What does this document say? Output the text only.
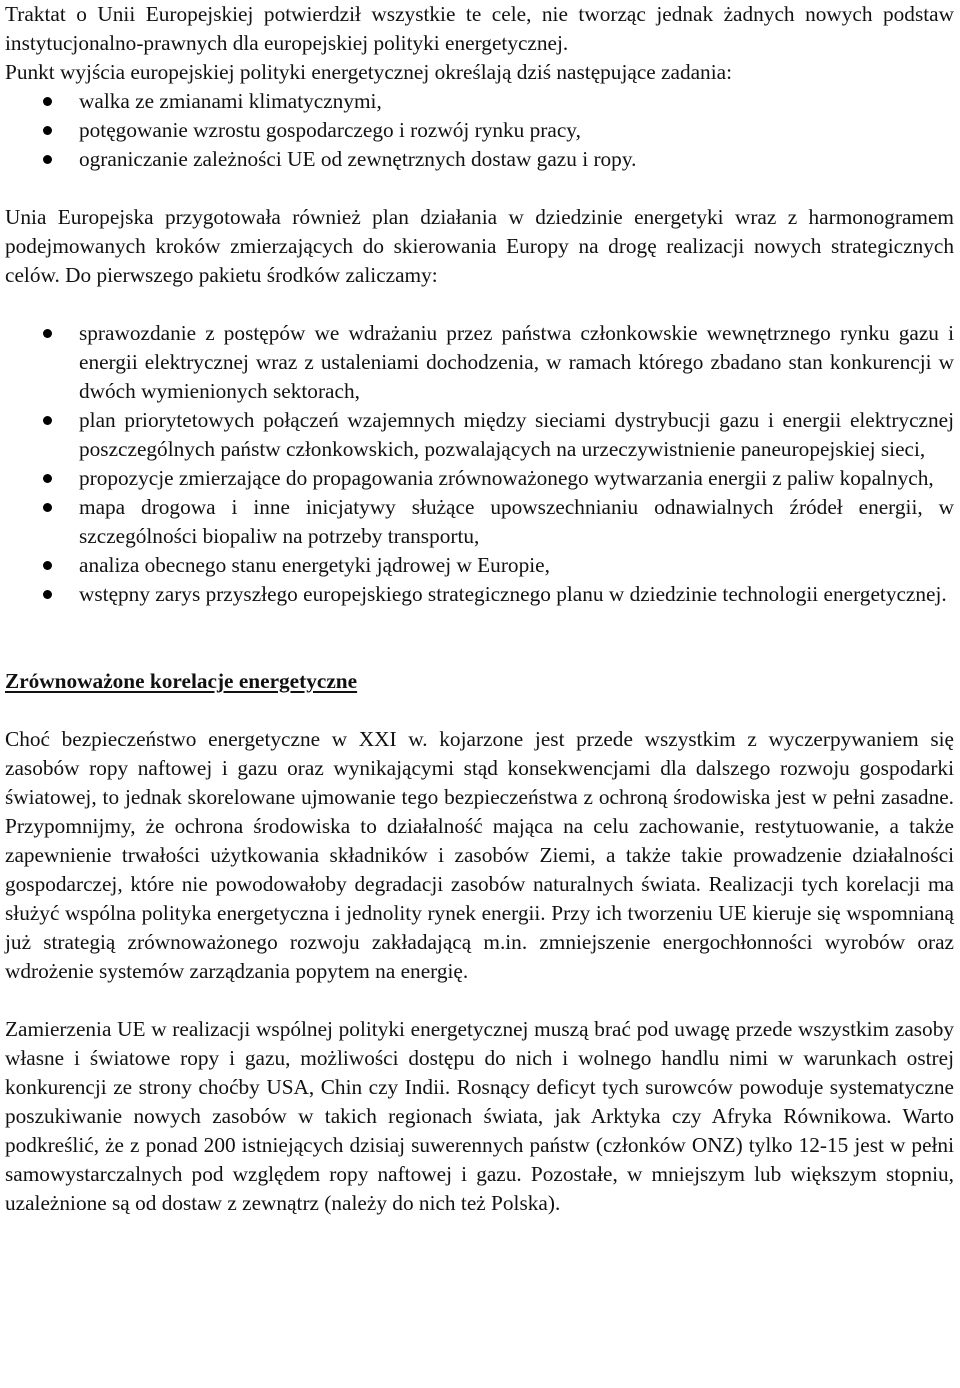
Traktat o Unii Europejskiej potwierdził wszystkie te cele, nie tworząc jednak żadnych nowych podstaw instytucjonalno-prawnych dla europejskiej polityki energetycznej.

Punkt wyjścia europejskiej polityki energetycznej określają dziś następujące zadania:

walka ze zmianami klimatycznymi,
potęgowanie wzrostu gospodarczego i rozwój rynku pracy,
ograniczanie zależności UE od zewnętrznych dostaw gazu i ropy.

Unia Europejska przygotowała również plan działania w dziedzinie energetyki wraz z harmonogramem podejmowanych kroków zmierzających do skierowania Europy na drogę realizacji nowych strategicznych celów. Do pierwszego pakietu środków zaliczamy:

sprawozdanie z postępów we wdrażaniu przez państwa członkowskie wewnętrznego rynku gazu i energii elektrycznej wraz z ustaleniami dochodzenia, w ramach którego zbadano stan konkurencji w dwóch wymienionych sektorach,
plan priorytetowych połączeń wzajemnych między sieciami dystrybucji gazu i energii elektrycznej poszczególnych państw członkowskich, pozwalających na urzeczywistnienie paneuropejskiej sieci,
propozycje zmierzające do propagowania zrównoważonego wytwarzania energii z paliw kopalnych,
mapa drogowa i inne inicjatywy służące upowszechnianiu odnawialnych źródeł energii, w szczególności biopaliw na potrzeby transportu,
analiza obecnego stanu energetyki jądrowej w Europie,
wstępny zarys przyszłego europejskiego strategicznego planu w dziedzinie technologii energetycznej.
Zrównoważone korelacje energetyczne

Choć bezpieczeństwo energetyczne w XXI w. kojarzone jest przede wszystkim z wyczerpywaniem się zasobów ropy naftowej i gazu oraz wynikającymi stąd konsekwencjami dla dalszego rozwoju gospodarki światowej, to jednak skorelowane ujmowanie tego bezpieczeństwa z ochroną środowiska jest w pełni zasadne. Przypomnijmy, że ochrona środowiska to działalność mająca na celu zachowanie, restytuowanie, a także zapewnienie trwałości użytkowania składników i zasobów Ziemi, a także takie prowadzenie działalności gospodarczej, które nie powodowałoby degradacji zasobów naturalnych świata. Realizacji tych korelacji ma służyć wspólna polityka energetyczna i jednolity rynek energii. Przy ich tworzeniu UE kieruje się wspomnianą już strategią zrównoważonego rozwoju zakładającą m.in. zmniejszenie energochłonności wyrobów oraz wdrożenie systemów zarządzania popytem na energię.

Zamierzenia UE w realizacji wspólnej polityki energetycznej muszą brać pod uwagę przede wszystkim zasoby własne i światowe ropy i gazu, możliwości dostępu do nich i wolnego handlu nimi w warunkach ostrej konkurencji ze strony choćby USA, Chin czy Indii. Rosnący deficyt tych surowców powoduje systematyczne poszukiwanie nowych zasobów w takich regionach świata, jak Arktyka czy Afryka Równikowa. Warto podkreślić, że z ponad 200 istniejących dzisiaj suwerennych państw (członków ONZ) tylko 12-15 jest w pełni samowystarczalnych pod względem ropy naftowej i gazu. Pozostałe, w mniejszym lub większym stopniu, uzależnione są od dostaw z zewnątrz (należy do nich też Polska).
